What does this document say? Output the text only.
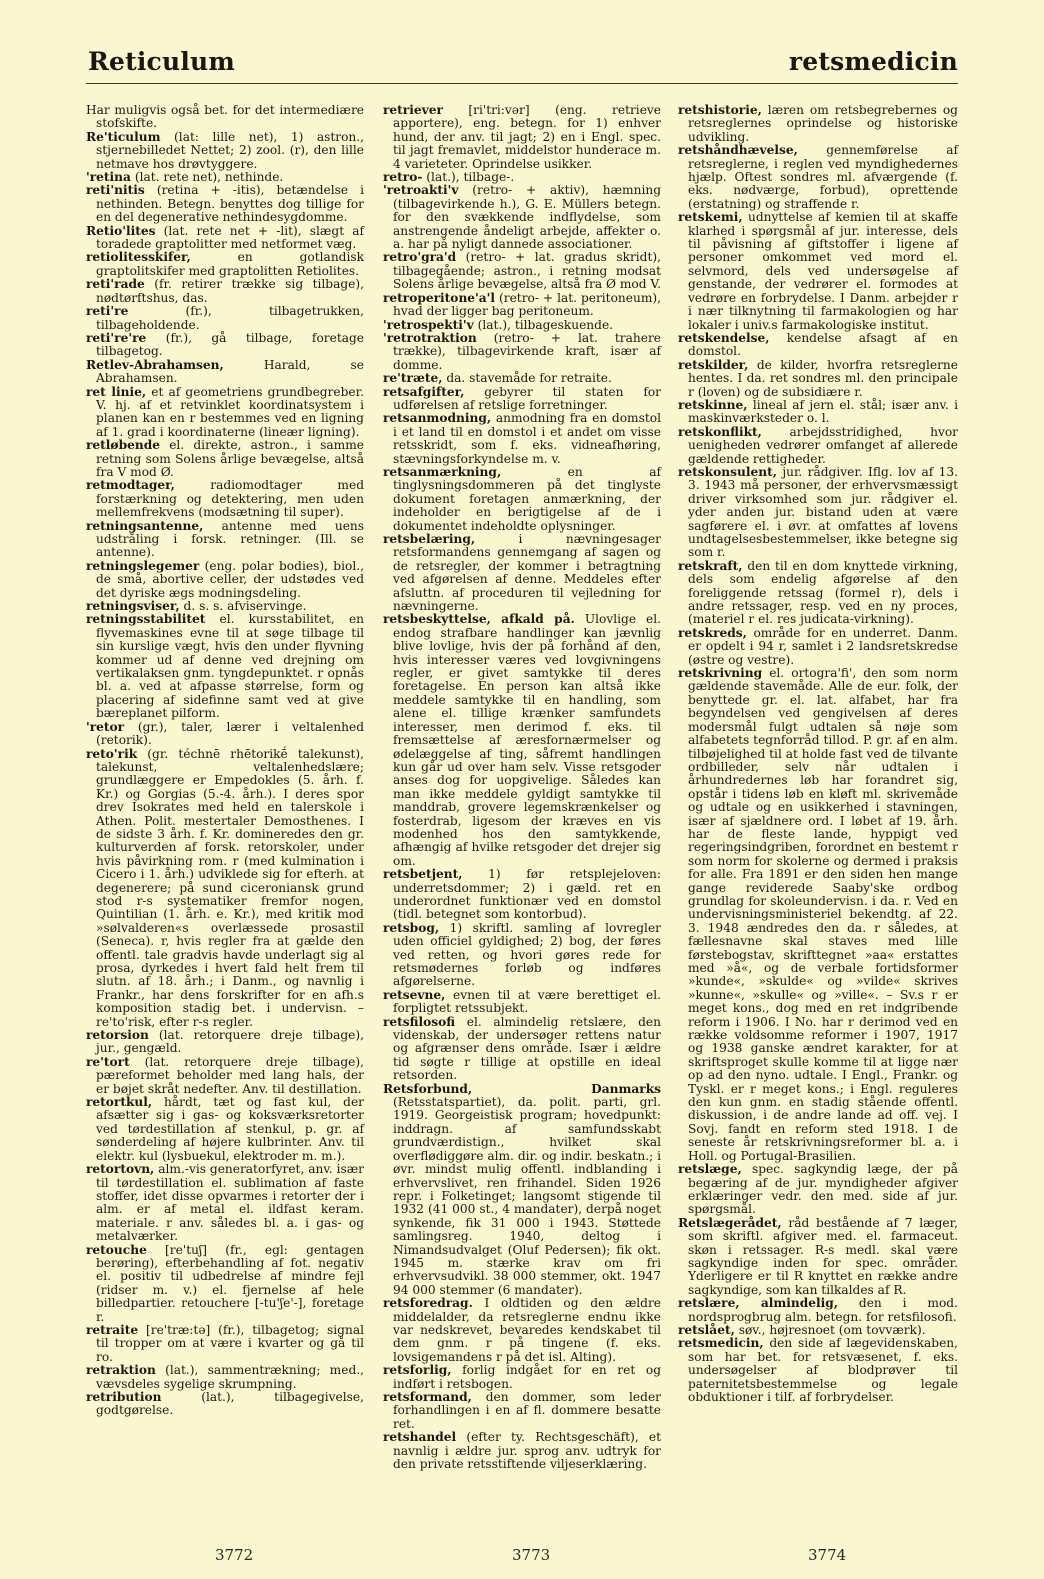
Reticulum	retsmedicin

Har muligvis også bet. for det intermediære stofskifte.

Re'ticulum (lat: lille net), 1) astron., stjernebilledet Nettet; 2) zool. (r), den lille netmave hos drøvtyggere.

'retina (lat. rete net), nethinde.

reti'nitis (retina + -itis), betændelse i nethinden. Betegn. benyttes dog tillige for en del degenerative nethindesygdomme.

Retio'lites (lat. rete net + -lit), slægt af toradede graptolitter med netformet væg.

retiolitesskifer,	en gotlandisk graptolitskifer med graptolitten Retiolites.

reti'rade (fr. retirer trække sig tilbage), nødtørftshus, das.

reti're	(fr.), tilbagetrukken, tilbageholdende.

reti're're (fr.), gå tilbage, foretage tilbagetog.

Retlev-Abrahamsen,	Harald, se Abrahamsen.

ret linie, et af geometriens grundbegreber. V. hj. af et retvinklet koordinatsystem i planen kan en r bestemmes ved en ligning af 1. grad i koordinaterne (lineær ligning).

retløbende el. direkte, astron., i samme retning som Solens årlige bevægelse, altså fra V mod Ø.

retmodtager,	radiomodtager med forstærkning og detektering, men uden mellemfrekvens (modsætning til super).

retningsantenne, antenne med uens udstråling i forsk. retninger. (Ill. se antenne).

retningslegemer (eng. polar bodies), biol., de små, abortive celler, der udstødes ved det dyriske ægs modningsdeling.

retningsviser, d. s. s. afviservinge.

retningsstabilitet el. kursstabilitet, en flyvemaskines evne til at søge tilbage til sin kurslige vægt, hvis den under flyvning kommer ud af denne ved drejning om vertikalaksen gnm. tyngdepunktet. r opnås bl. a. ved at afpasse størrelse, form og placering af sidefinne samt ved at give bæreplanet pilform.

'retor (gr.), taler, lærer i veltalenhed (retorik).

reto'rik (gr. téchnē rhētorikḗ talekunst), talekunst, veltalenhedslære; grundlæggere er Empedokles (5. årh. f. Kr.) og Gorgias (5.-4. årh.). I deres spor drev Isokrates med held en talerskole i Athen. Polit. mestertaler Demosthenes. I de sidste 3 årh. f. Kr. domineredes den gr. kulturverden af forsk. retorskoler, under hvis påvirkning rom. r (med kulmination i Cicero i 1. årh.) udviklede sig for efterh. at degenerere; på sund ciceroniansk grund stod r-s systematiker fremfor nogen, Quintilian (1. årh. e. Kr.), med kritik mod »sølvalderen«s overlæssede prosastil (Seneca). r, hvis regler fra at gælde den offentl. tale gradvis havde underlagt sig al prosa, dyrkedes i hvert fald helt frem til slutn. af 18. årh.; i Danm., og navnlig i Frankr., har dens forskrifter for en afh.s komposition stadig bet. i undervisn. – re'to'risk, efter r-s regler.

retorsion (lat. retorquere dreje tilbage), jur., gengæld.

re'tort (lat. retorquere dreje tilbage), pæreformet beholder med lang hals, der er bøjet skråt nedefter. Anv. til destillation.

retortkul, hårdt, tæt og fast kul, der afsætter sig i gas- og koksværksretorter ved tørdestillation af stenkul, p. gr. af sønderdeling af højere kulbrinter. Anv. til elektr. kul (lysbuekul, elektroder m. m.).

retortovn, alm.-vis generatorfyret, anv. især til tørdestillation el. sublimation af faste stoffer, idet disse opvarmes i retorter der i alm. er af metal el. ildfast keram. materiale. r anv. således bl. a. i gas- og metalværker.

retouche [re'tuʃ] (fr., egl: gentagen berøring), efterbehandling af fot. negativ el. positiv til udbedrelse af mindre fejl (ridser m. v.) el. fjernelse af hele billedpartier. retouchere [-tu'ʃe'-], foretage r.

retraite [re'træ:tə] (fr.), tilbagetog; signal til tropper om at være i kvarter og gå til ro.

retraktion (lat.), sammentrækning; med., vævsdeles sygelige skrumpning.

retribution	(lat.), tilbagegivelse, godtgørelse.

retriever [ri'tri:vər] (eng. retrieve apportere), eng. betegn. for 1) enhver hund, der anv. til jagt; 2) en i Engl. spec. til jagt fremavlet, middelstor hunderace m. 4 varieteter. Oprindelse usikker.

retro- (lat.), tilbage-.

'retroakti'v (retro- + aktiv), hæmning (tilbagevirkende h.), G. E. Müllers betegn. for den svækkende indflydelse, som anstrengende åndeligt arbejde, affekter o. a. har på nyligt dannede associationer.

retro'gra'd (retro- + lat. gradus skridt), tilbagegående; astron., i retning modsat Solens årlige bevægelse, altså fra Ø mod V.

retroperitone'a'l (retro- + lat. peritoneum), hvad der ligger bag peritoneum.

'retrospekti'v (lat.), tilbageskuende.

'retrotraktion (retro- + lat. trahere trække), tilbagevirkende kraft, især af domme.

re'træte, da. stavemåde for retraite.

retsafgifter, gebyrer til staten for udførelsen af retslige forretninger.

retsanmodning, anmodning fra en domstol i et land til en domstol i et andet om visse retsskridt, som f. eks. vidneafhøring, stævningsforkyndelse m. v.

retsanmærkning,	en af tinglysningsdommeren på det tinglyste dokument foretagen anmærkning, der indeholder en berigtigelse af de i dokumentet indeholdte oplysninger.

retsbelæring,	i nævningesager retsformandens gennemgang af sagen og de retsregler, der kommer i betragtning ved afgørelsen af denne. Meddeles efter afsluttn. af proceduren til vejledning for nævningerne.

retsbeskyttelse, afkald på. Ulovlige el. endog strafbare handlinger kan jævnlig blive lovlige, hvis der på forhånd af den, hvis interesser væres ved lovgivningens regler, er givet samtykke til deres foretagelse. En person kan altså ikke meddele samtykke til en handling, som alene el. tillige krænker samfundets interesser, men derimod f. eks. til fremsættelse af æresfornærmelser og ødelæggelse af ting, såfremt handlingen kun går ud over ham selv. Visse retsgoder anses dog for uopgivelige. Således kan man ikke meddele gyldigt samtykke til manddrab, grovere legemskrænkelser og fosterdrab, ligesom der kræves en vis modenhed hos den samtykkende, afhængig af hvilke retsgoder det drejer sig om.

retsbetjent, 1) før retsplejeloven: underretsdommer; 2) i gæld. ret en underordnet funktionær ved en domstol (tidl. betegnet som kontorbud).

retsbog, 1) skriftl. samling af lovregler uden officiel gyldighed; 2) bog, der føres ved retten, og hvori gøres rede for retsmødernes forløb og indføres afgørelserne.

retsevne, evnen til at være berettiget el. forpligtet retssubjekt.

retsfilosofi el. almindelig retslære, den videnskab, der undersøger rettens natur og afgrænser dens område. Især i ældre tid søgte r tillige at opstille en ideal retsorden.

Retsforbund, Danmarks (Retsstatspartiet), da. polit. parti, grl. 1919. Georgeistisk program; hovedpunkt: inddragn. af samfundsskabt grundværdistign., hvilket skal overflødiggøre alm. dir. og indir. beskatn.; i øvr. mindst mulig offentl. indblanding i erhvervslivet, ren frihandel. Siden 1926 repr. i Folketinget; langsomt stigende til 1932 (41 000 st., 4 mandater), derpå noget synkende, fik 31 000 i 1943. Støttede samlingsreg. 1940, deltog i Nimandsudvalget (Oluf Pedersen); fik okt. 1945 m. stærke krav om fri erhvervsudvikl. 38 000 stemmer, okt. 1947 94 000 stemmer (6 mandater).

retsforedrag. I oldtiden og den ældre middelalder, da retsreglerne endnu ikke var nedskrevet, bevaredes kendskabet til dem gnm. r på tingene (f. eks. lovsigemandens r på det isl. Alting).

retsforlig, forlig indgået for en ret og indført i retsbogen.

retsformand, den dommer, som leder forhandlingen i en af fl. dommere besatte ret.

retshandel (efter ty. Rechtsgeschäft), et navnlig i ældre jur. sprog anv. udtryk for den private retsstiftende viljeserklæring.

retshistorie, læren om retsbegrebernes og retsreglernes oprindelse og historiske udvikling.

retshåndhævelse, gennemførelse af retsreglerne, i reglen ved myndighedernes hjælp. Oftest sondres ml. afværgende (f. eks. nødværge, forbud), oprettende (erstatning) og straffende r.

retskemi, udnyttelse af kemien til at skaffe klarhed i spørgsmål af jur. interesse, dels til påvisning af giftstoffer i ligene af personer omkommet ved mord el. selvmord, dels ved undersøgelse af genstande, der vedrører el. formodes at vedrøre en forbrydelse. I Danm. arbejder r i nær tilknytning til farmakologien og har lokaler i univ.s farmakologiske institut.

retskendelse, kendelse afsagt af en domstol.

retskilder, de kilder, hvorfra retsreglerne hentes. I da. ret sondres ml. den principale r (loven) og de subsidiære r.

retskinne, lineal af jern el. stål; især anv. i maskinværksteder o. l.

retskonflikt, arbejdsstridighed, hvor uenigheden vedrører omfanget af allerede gældende rettigheder.

retskonsulent, jur. rådgiver. Iflg. lov af 13. 3. 1943 må personer, der erhvervsmæssigt driver virksomhed som jur. rådgiver el. yder anden jur. bistand uden at være sagførere el. i øvr. at omfattes af lovens undtagelsesbestemmelser, ikke betegne sig som r.

retskraft, den til en dom knyttede virkning, dels som endelig afgørelse af den foreliggende retssag (formel r), dels i andre retssager, resp. ved en ny proces, (materiel r el. res judicata-virkning).

retskreds, område for en underret. Danm. er opdelt i 94 r, samlet i 2 landsretskredse (østre og vestre).

retskrivning el. ortogra'fi', den som norm gældende stavemåde. Alle de eur. folk, der benyttede gr. el. lat. alfabet, har fra begyndelsen ved gengivelsen af deres modersmål fulgt udtalen så nøje som alfabetets tegnforråd tillod. P. gr. af en alm. tilbøjelighed til at holde fast ved de tilvante ordbilleder, selv når udtalen i århundredernes løb har forandret sig, opstår i tidens løb en kløft ml. skrivemåde og udtale og en usikkerhed i stavningen, især af sjældnere ord. I løbet af 19. årh. har de fleste lande, hyppigt ved regeringsindgriben, forordnet en bestemt r som norm for skolerne og dermed i praksis for alle. Fra 1891 er den siden hen mange gange reviderede Saaby'ske ordbog grundlag for skoleundervisn. i da. r. Ved en undervisningsministeriel bekendtg. af 22. 3. 1948 ændredes den da. r således, at fællesnavne skal staves med lille førstebogstav, skrifttegnet »aa« erstattes med »å«, og de verbale fortidsformer »kunde«, »skulde« og »vilde« skrives »kunne«, »skulle« og »ville«. – Sv.s r er meget kons., dog med en ret indgribende reform i 1906. I No. har r derimod ved en række voldsomme reformer i 1907, 1917 og 1938 ganske ændret karakter, for at skriftsproget skulle komme til at ligge nær op ad den nyno. udtale. I Engl., Frankr. og Tyskl. er r meget kons.; i Engl. reguleres den kun gnm. en stadig stående offentl. diskussion, i de andre lande ad off. vej. I Sovj. fandt en reform sted 1918. I de seneste år retskrivningsreformer bl. a. i Holl. og Portugal-Brasilien.

retslæge, spec. sagkyndig læge, der på begæring af de jur. myndigheder afgiver erklæringer vedr. den med. side af jur. spørgsmål.

Retslægerådet, råd bestående af 7 læger, som skriftl. afgiver med. el. farmaceut. skøn i retssager. R-s medl. skal være sagkyndige inden for spec. områder. Yderligere er til R knyttet en række andre sagkyndige, som kan tilkaldes af R.

retslære, almindelig, den i mod. nordsprogbrug alm. betegn. for retsfilosofi.

retslået, søv., højresnoet (om tovværk).

retsmedicin, den side af lægevidenskaben, som har bet. for retsvæsenet, f. eks. undersøgelser af blodprøver til paternitetsbestemmelse og legale obduktioner i tilf. af forbrydelser.

3772	3773	3774
